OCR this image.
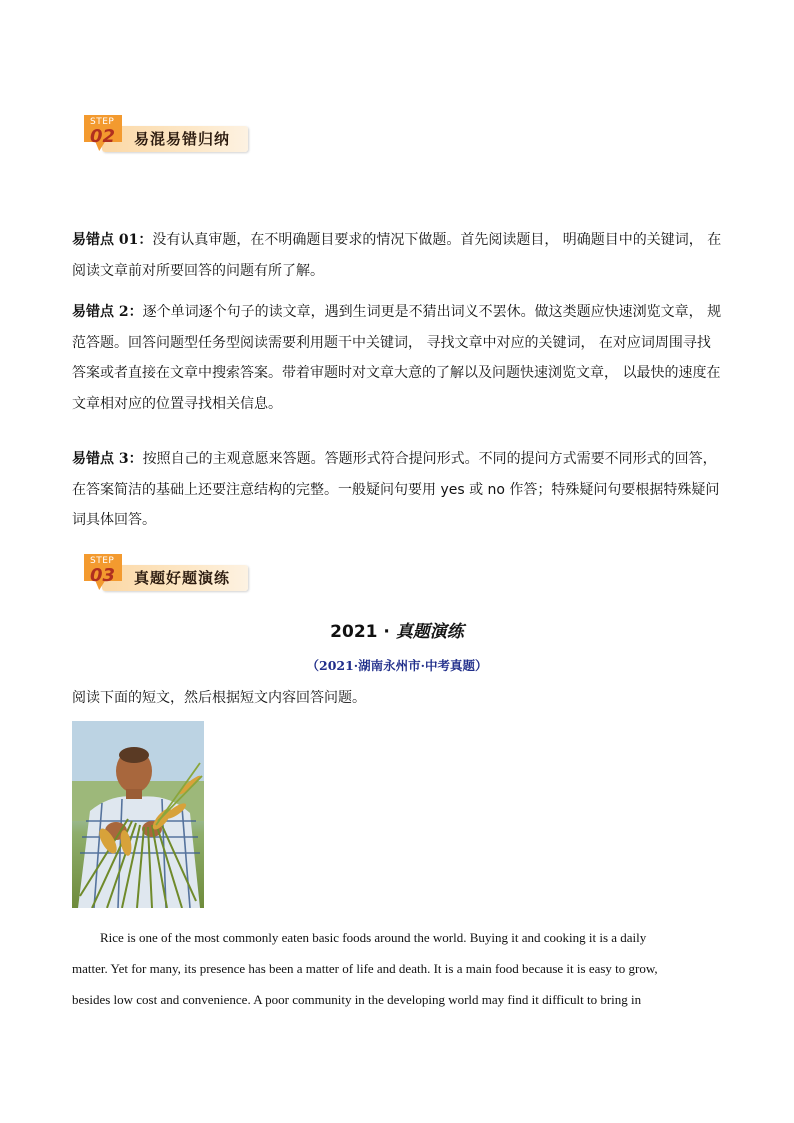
STEP
02 易混易错归纳
易错点 01：没有认真审题，在不明确题目要求的情况下做题。首先阅读题目， 明确题目中的关键词， 在阅读文章前对所要回答的问题有所了解。
易错点 2：逐个单词逐个句子的读文章，遇到生词更是不猜出词义不罢休。做这类题应快速浏览文章， 规范答题。回答问题型任务型阅读需要利用题干中关键词， 寻找文章中对应的关键词， 在对应词周围寻找答案或者直接在文章中搜索答案。带着审题时对文章大意的了解以及问题快速浏览文章， 以最快的速度在文章相对应的位置寻找相关信息。
易错点 3：按照自己的主观意愿来答题。答题形式符合提问形式。不同的提问方式需要不同形式的回答，在答案简洁的基础上还要注意结构的完整。一般疑问句要用 yes 或 no 作答；特殊疑问句要根据特殊疑问词具体回答。
STEP
03 真题好题演练
2021 · 真题演练
（2021·湖南永州市·中考真题）
阅读下面的短文，然后根据短文内容回答问题。
Rice is one of the most commonly eaten basic foods around the world. Buying it and cooking it is a daily
matter. Yet for many, its presence has been a matter of life and death. It is a main food because it is easy to grow,
besides low cost and convenience. A poor community in the developing world may find it difficult to bring in
